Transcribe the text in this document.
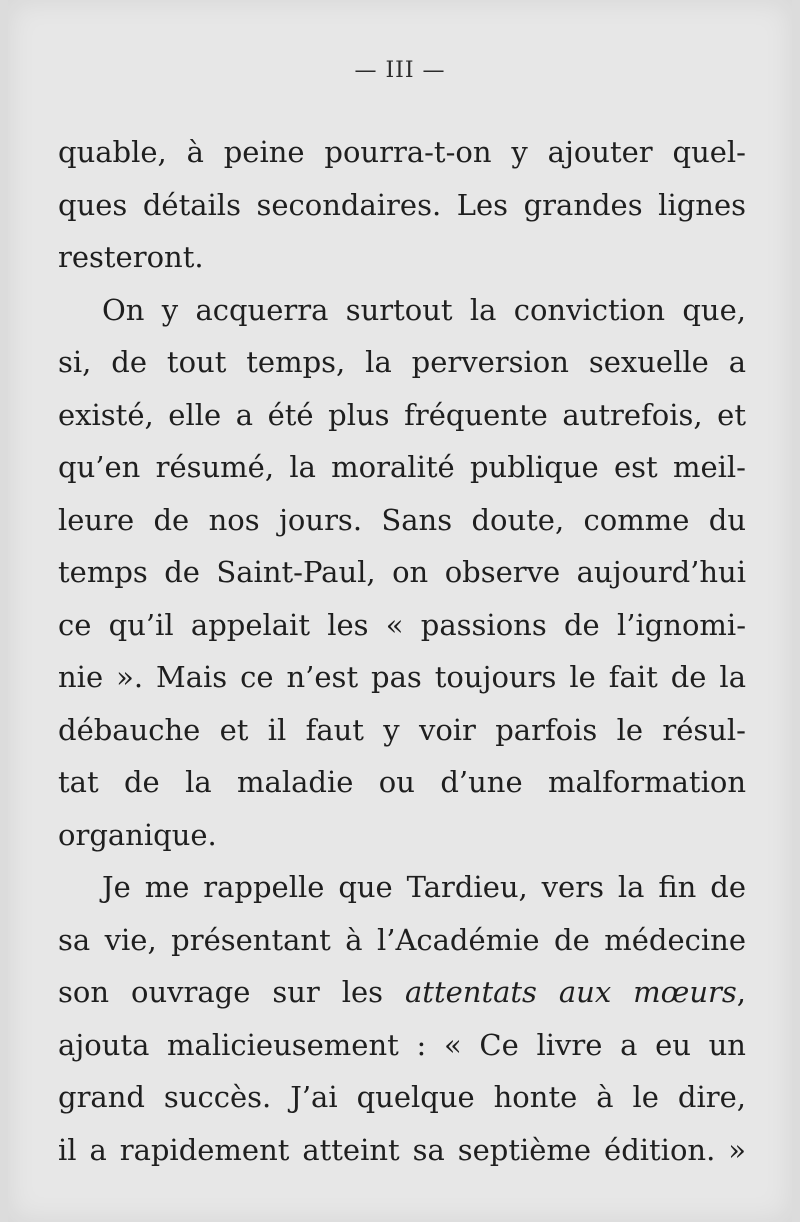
— III —
quable, à peine pourra-t-on y ajouter quel-
ques détails secondaires. Les grandes lignes
resteront.
On y acquerra surtout la conviction que,
si, de tout temps, la perversion sexuelle a
existé, elle a été plus fréquente autrefois, et
qu’en résumé, la moralité publique est meil-
leure de nos jours. Sans doute, comme du
temps de Saint-Paul, on observe aujourd’hui
ce qu’il appelait les « passions de l’ignomi-
nie ». Mais ce n’est pas toujours le fait de la
débauche et il faut y voir parfois le résul-
tat de la maladie ou d’une malformation
organique.
Je me rappelle que Tardieu, vers la fin de
sa vie, présentant à l’Académie de médecine
son ouvrage sur les attentats aux mœurs,
ajouta malicieusement : « Ce livre a eu un
grand succès. J’ai quelque honte à le dire,
il a rapidement atteint sa septième édition. »
